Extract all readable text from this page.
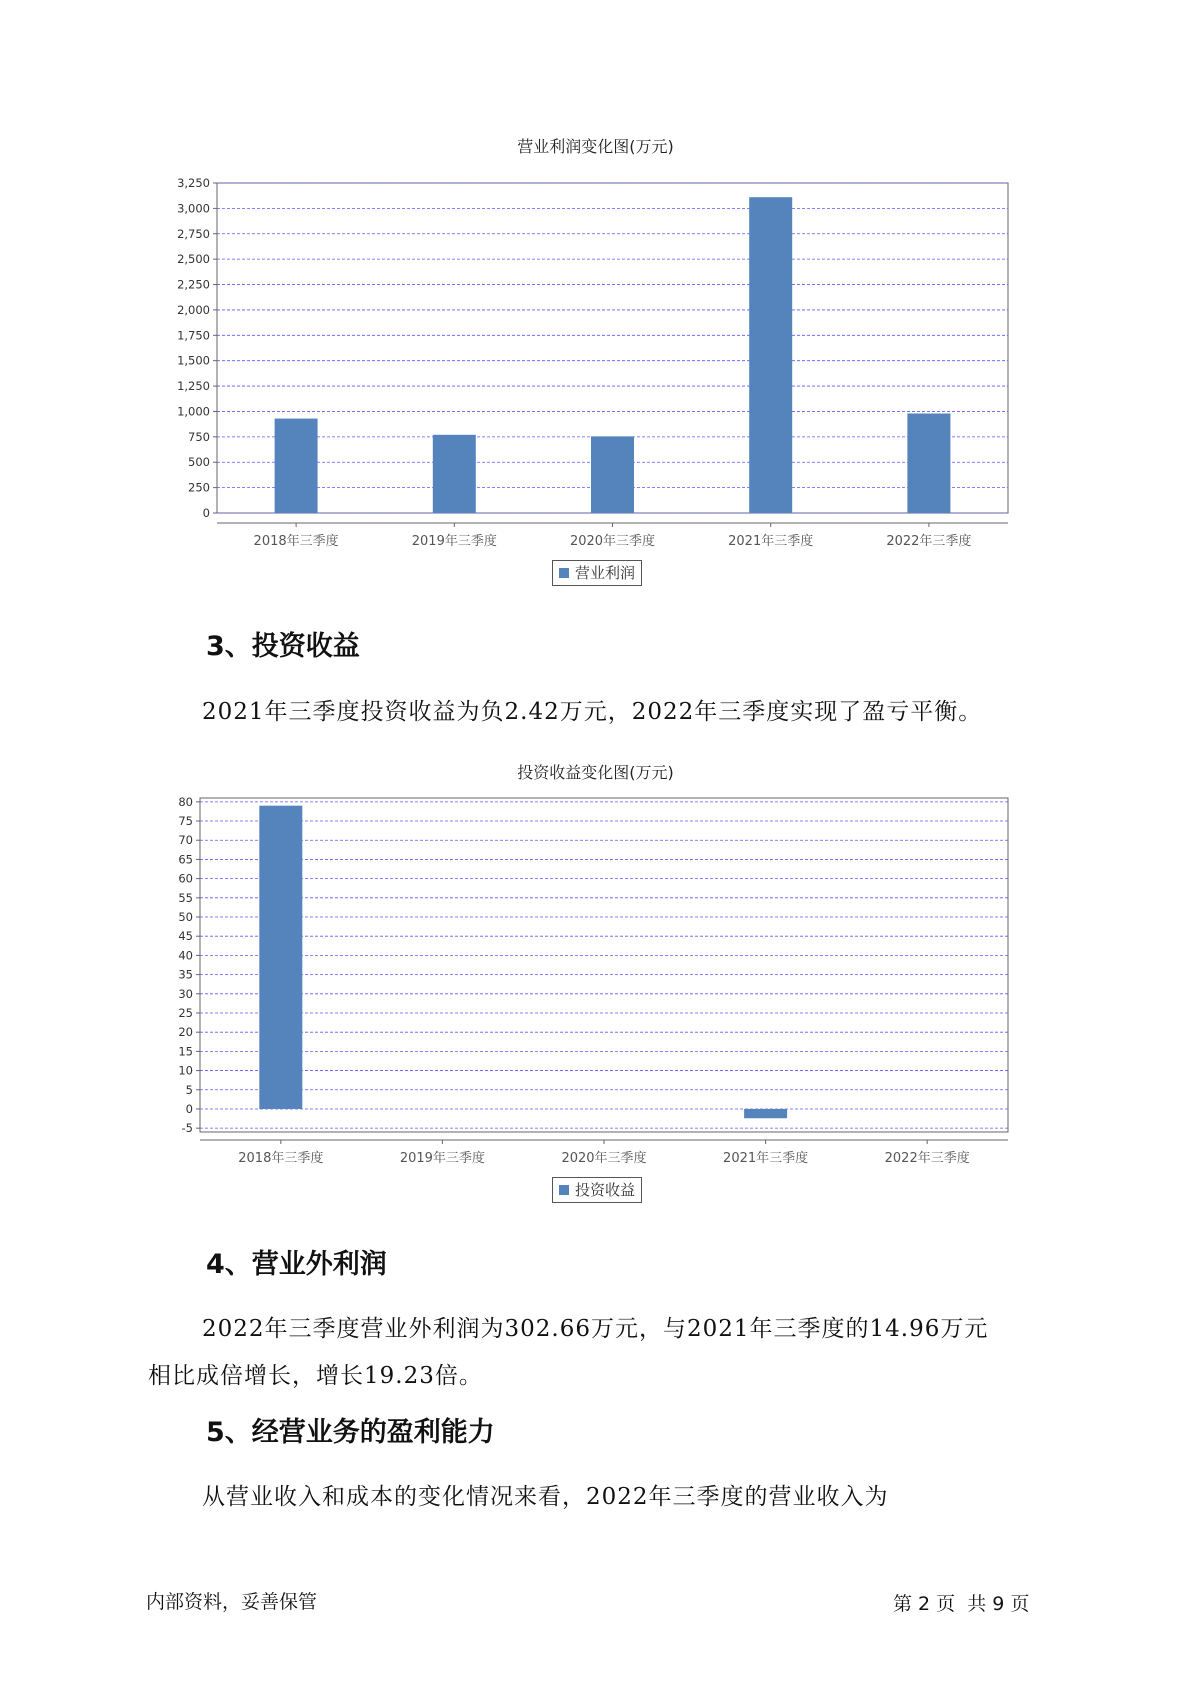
营业利润变化图(万元)
0
250
500
750
1,000
1,250
1,500
1,750
2,000
2,250
2,500
2,750
3,000
3,250
2018年三季度	2019年三季度	2020年三季度	2021年三季度	2022年三季度
营业利润
3、投资收益
2021年三季度投资收益为负2.42万元，2022年三季度实现了盈亏平衡。
投资收益变化图(万元)
-5
0
5
10
15
20
25
30
35
40
45
50
55
60
65
70
75
80
2018年三季度	2019年三季度	2020年三季度	2021年三季度	2022年三季度
投资收益
4、营业外利润
2022年三季度营业外利润为302.66万元，与2021年三季度的14.96万元
相比成倍增长，增长19.23倍。
5、经营业务的盈利能力
从营业收入和成本的变化情况来看，2022年三季度的营业收入为
内部资料，妥善保管	第 2 页  共 9 页
